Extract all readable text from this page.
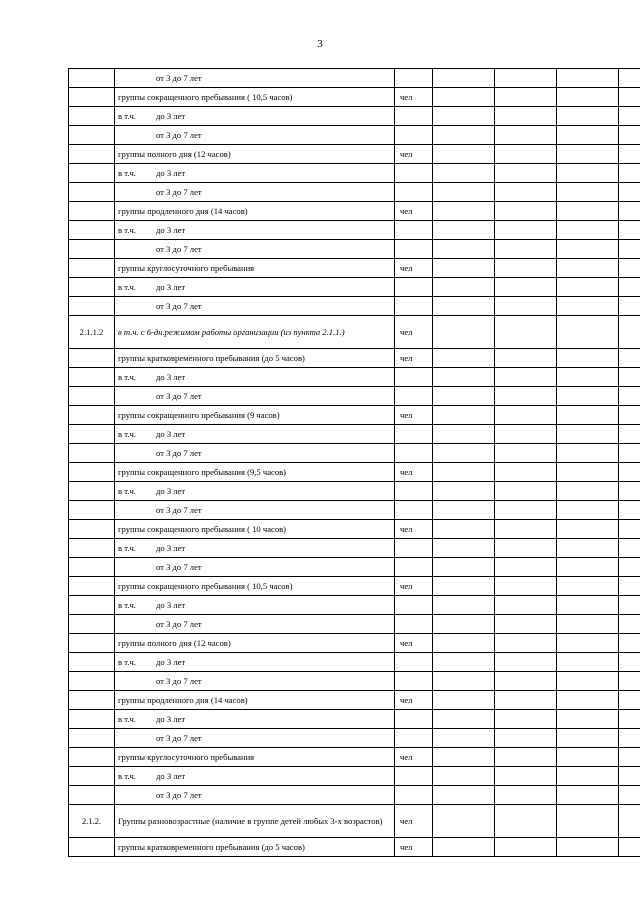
3
	от 3 до 7 лет					
	группы сокращенного пребывания ( 10,5 часов)	чел				
	в т.ч. до 3 лет					
	от 3 до 7 лет					
	группы полного дня (12 часов)	чел				
	в т.ч. до 3 лет					
	от 3 до 7 лет					
	группы продленного дня (14 часов)	чел				
	в т.ч. до 3 лет					
	от 3 до 7 лет					
	группы круглосуточного пребывания	чел				
	в т.ч. до 3 лет					
	от 3 до 7 лет					
2.1.1.2	в т.ч. с 6-дн.режимом работы организации (из пункта 2.1.1.)	чел				
	группы кратковременного пребывания (до 5 часов)	чел				
	в т.ч. до 3 лет					
	от 3 до 7 лет					
	группы сокращенного пребывания (9 часов)	чел				
	в т.ч. до 3 лет					
	от 3 до 7 лет					
	группы сокращенного пребывания (9,5 часов)	чел				
	в т.ч. до 3 лет					
	от 3 до 7 лет					
	группы сокращенного пребывания ( 10 часов)	чел				
	в т.ч. до 3 лет					
	от 3 до 7 лет					
	группы сокращенного пребывания ( 10,5 часов)	чел				
	в т.ч. до 3 лет					
	от 3 до 7 лет					
	группы полного дня (12 часов)	чел				
	в т.ч. до 3 лет					
	от 3 до 7 лет					
	группы продленного дня (14 часов)	чел				
	в т.ч. до 3 лет					
	от 3 до 7 лет					
	группы круглосуточного пребывания	чел				
	в т.ч. до 3 лет					
	от 3 до 7 лет					
2.1.2.	Группы разновозрастные (наличие в группе детей любых 3-х возрастов)	чел				
	группы кратковременного пребывания (до 5 часов)	чел				
